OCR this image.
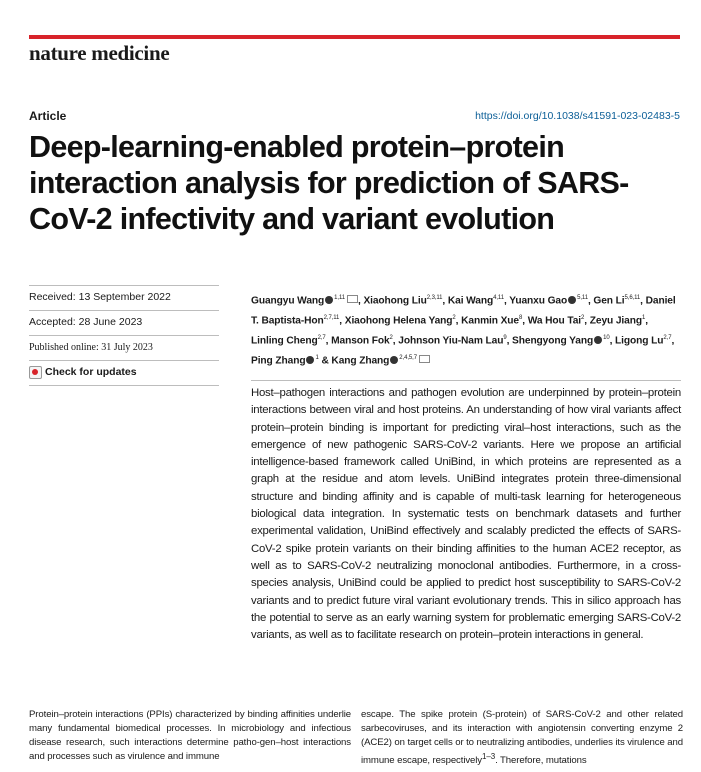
nature medicine
Article	https://doi.org/10.1038/s41591-023-02483-5
Deep-learning-enabled protein–protein interaction analysis for prediction of SARS-CoV-2 infectivity and variant evolution
Received: 13 September 2022
Accepted: 28 June 2023
Published online: 31 July 2023
Check for updates
Guangyu Wang $^{1,11}$ , Xiaohong Liu$^{2,3,11}$, Kai Wang$^{4,11}$, Yuanxu Gao $^{5,11}$, Gen Li$^{5,6,11}$, Daniel T. Baptista-Hon$^{2,7,11}$, Xiaohong Helena Yang$^2$, Kanmin Xue$^8$, Wa Hou Tai$^2$, Zeyu Jiang$^1$, Linling Cheng$^{2,7}$, Manson Fok$^2$, Johnson Yiu-Nam Lau$^9$, Shengyong Yang $^{10}$, Ligong Lu$^{2,7}$, Ping Zhang $^1$ & Kang Zhang $^{2,4,5,7}$

Host–pathogen interactions and pathogen evolution are underpinned by protein–protein interactions between viral and host proteins. An understanding of how viral variants affect protein–protein binding is important for predicting viral–host interactions, such as the emergence of new pathogenic SARS-CoV-2 variants. Here we propose an artificial intelligence-based framework called UniBind, in which proteins are represented as a graph at the residue and atom levels. UniBind integrates protein three-dimensional structure and binding affinity and is capable of multi-task learning for heterogeneous biological data integration. In systematic tests on benchmark datasets and further experimental validation, UniBind effectively and scalably predicted the effects of SARS-CoV-2 spike protein variants on their binding affinities to the human ACE2 receptor, as well as to SARS-CoV-2 neutralizing monoclonal antibodies. Furthermore, in a cross-species analysis, UniBind could be applied to predict host susceptibility to SARS-CoV-2 variants and to predict future viral variant evolutionary trends. This in silico approach has the potential to serve as an early warning system for problematic emerging SARS-CoV-2 variants, as well as to facilitate research on protein–protein interactions in general.

Protein–protein interactions (PPIs) characterized by binding affinities underlie many fundamental biomedical processes. In microbiology and infectious disease research, such interactions determine patho-gen–host interactions and processes such as virulence and immune

escape. The spike protein (S-protein) of SARS-CoV-2 and other related sarbecoviruses, and its interaction with angiotensin converting enzyme 2 (ACE2) on target cells or to neutralizing antibodies, underlies its virulence and immune escape, respectively$^{1-3}$. Therefore, mutations
